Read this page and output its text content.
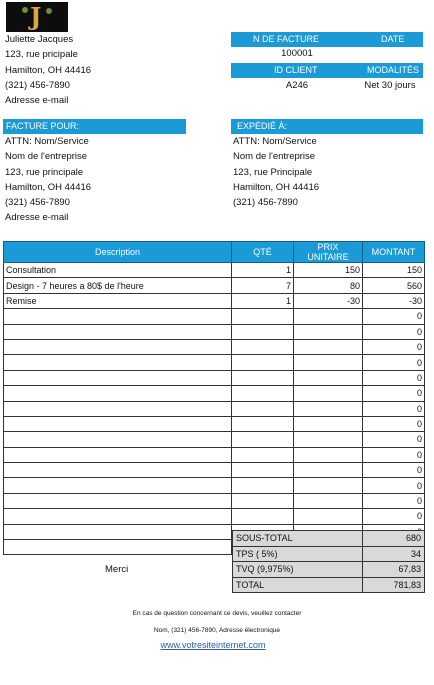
J
Juliette Jacques
123, rue pricipale
Hamilton, OH 44416
(321) 456-7890
Adresse e-mail
N DE FACTURE	DATE
100001
ID CLIENT	MODALITÉS
A246	Net 30 jours
FACTURE POUR:
ATTN: Nom/Service
Nom de l'entreprise
123, rue principale
Hamilton, OH 44416
(321) 456-7890
Adresse e-mail
EXPÉDIÉ À:
ATTN: Nom/Service
Nom de l'entreprise
123, rue Principale
Hamilton, OH 44416
(321) 456-7890
Description	QTÉ	PRIX UNITAIRE	MONTANT
Consultation	1	150	150
Design - 7 heures a 80$ de l'heure	7	80	560
Remise	1	-30	-30
			0
			0
			0
			0
			0
			0
			0
			0
			0
			0
			0
			0
			0
			0

SOUS-TOTAL	680
TPS ( 5%)	34
TVQ (9,975%)	67,83
TOTAL	781,83
Merci
En cas de question concernant ce devis, veuillez contacter
Nom, (321) 456-7890, Adresse électronique
www.votresiteinternet.com
